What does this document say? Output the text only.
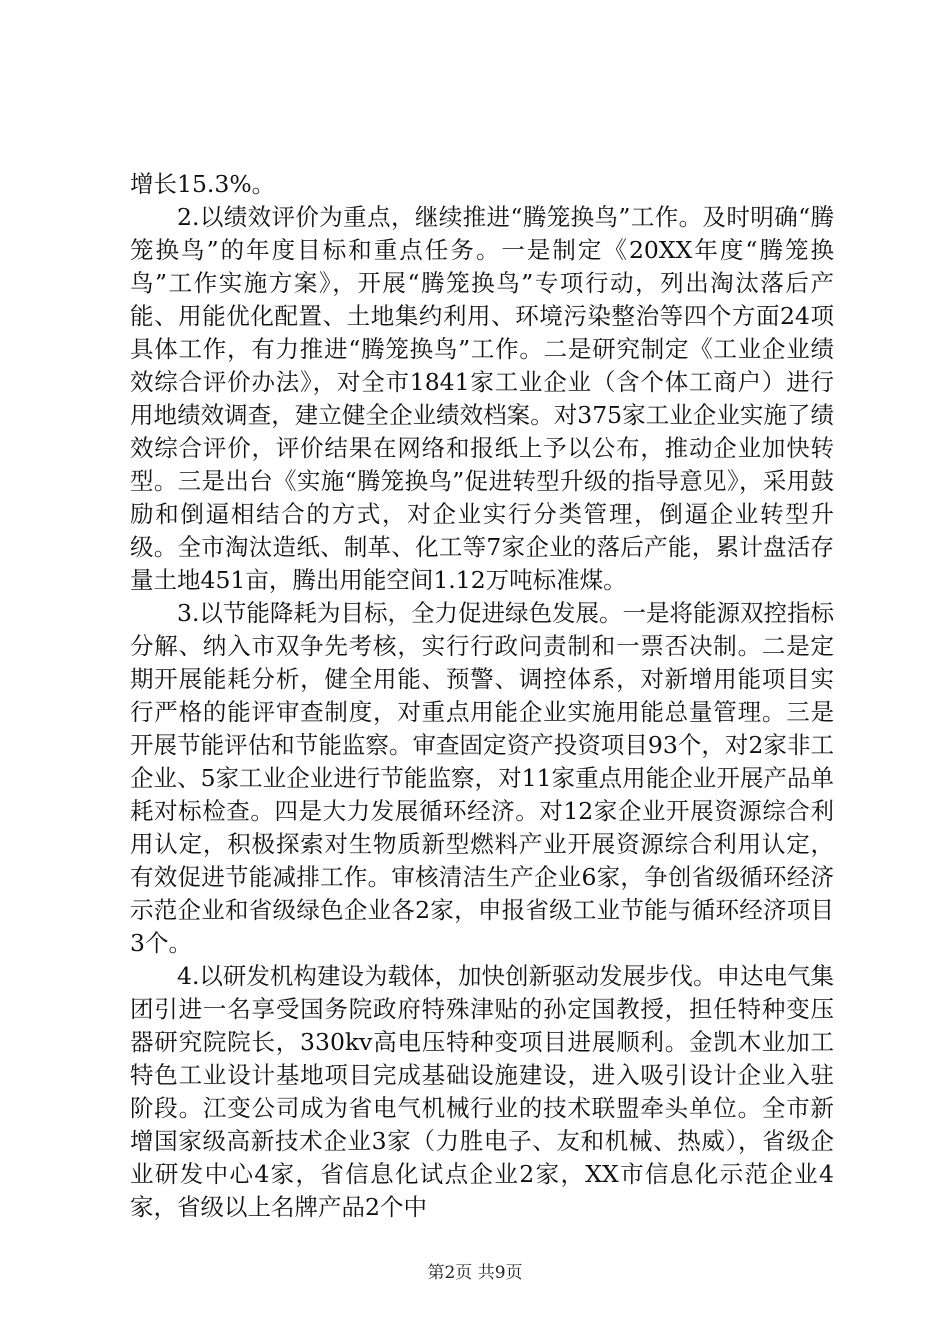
增长15.3%。

2.以绩效评价为重点，继续推进“腾笼换鸟”工作。及时明确“腾笼换鸟”的年度目标和重点任务。一是制定《20XX年度“腾笼换鸟”工作实施方案》，开展“腾笼换鸟”专项行动，列出淘汰落后产能、用能优化配置、土地集约利用、环境污染整治等四个方面24项具体工作，有力推进“腾笼换鸟”工作。二是研究制定《工业企业绩效综合评价办法》，对全市1841家工业企业（含个体工商户）进行用地绩效调查，建立健全企业绩效档案。对375家工业企业实施了绩效综合评价，评价结果在网络和报纸上予以公布，推动企业加快转型。三是出台《实施“腾笼换鸟”促进转型升级的指导意见》，采用鼓励和倒逼相结合的方式，对企业实行分类管理，倒逼企业转型升级。全市淘汰造纸、制革、化工等7家企业的落后产能，累计盘活存量土地451亩，腾出用能空间1.12万吨标准煤。

3.以节能降耗为目标，全力促进绿色发展。一是将能源双控指标分解、纳入市双争先考核，实行行政问责制和一票否决制。二是定期开展能耗分析，健全用能、预警、调控体系，对新增用能项目实行严格的能评审查制度，对重点用能企业实施用能总量管理。三是开展节能评估和节能监察。审查固定资产投资项目93个，对2家非工企业、5家工业企业进行节能监察，对11家重点用能企业开展产品单耗对标检查。四是大力发展循环经济。对12家企业开展资源综合利用认定，积极探索对生物质新型燃料产业开展资源综合利用认定，有效促进节能减排工作。审核清洁生产企业6家，争创省级循环经济示范企业和省级绿色企业各2家，申报省级工业节能与循环经济项目3个。

4.以研发机构建设为载体，加快创新驱动发展步伐。申达电气集团引进一名享受国务院政府特殊津贴的孙定国教授，担任特种变压器研究院院长，330kv高电压特种变项目进展顺利。金凯木业加工特色工业设计基地项目完成基础设施建设，进入吸引设计企业入驻阶段。江变公司成为省电气机械行业的技术联盟牵头单位。全市新增国家级高新技术企业3家（力胜电子、友和机械、热威），省级企业研发中心4家，省信息化试点企业2家，XX市信息化示范企业4家，省级以上名牌产品2个中

第2页 共9页
